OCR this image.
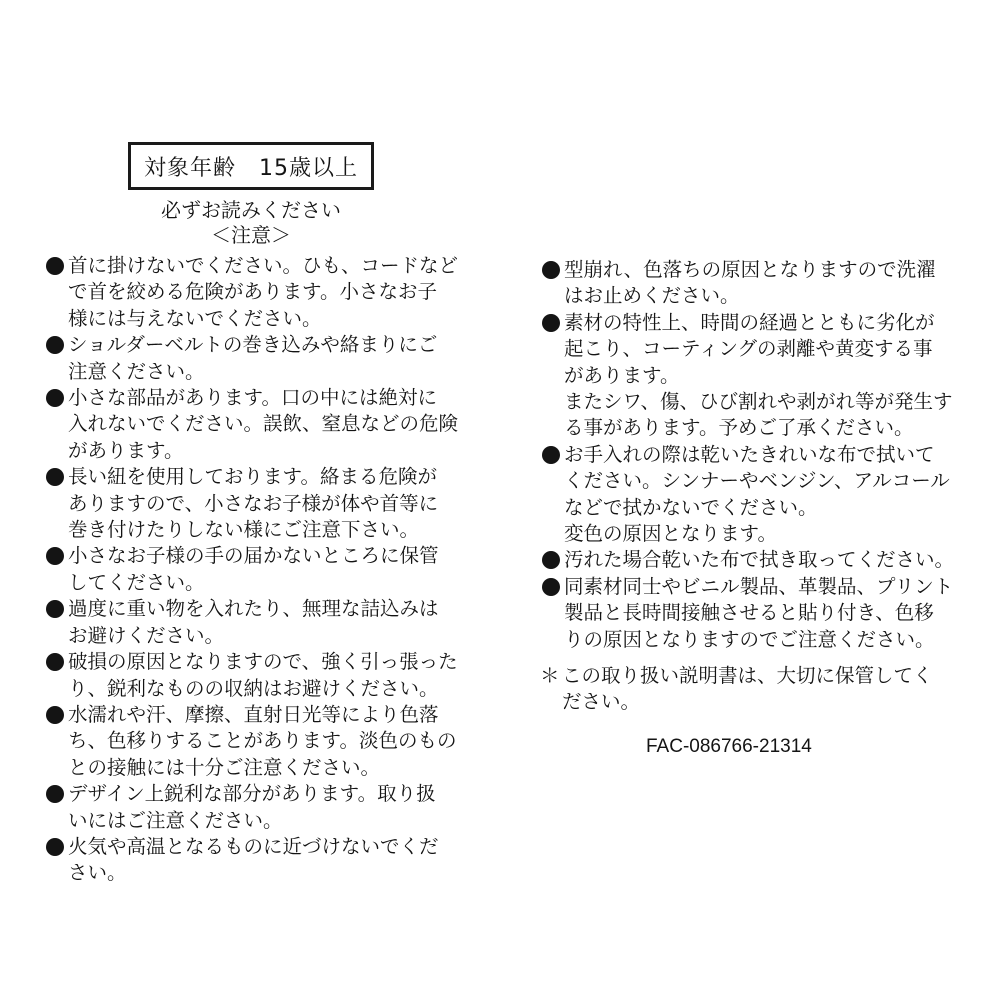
対象年齢　15歳以上
必ずお読みください
＜注意＞
首に掛けないでください。ひも、コードなど
で首を絞める危険があります。小さなお子
様には与えないでください。
ショルダーベルトの巻き込みや絡まりにご
注意ください。
小さな部品があります。口の中には絶対に
入れないでください。誤飲、窒息などの危険
があります。
長い紐を使用しております。絡まる危険が
ありますので、小さなお子様が体や首等に
巻き付けたりしない様にご注意下さい。
小さなお子様の手の届かないところに保管
してください。
過度に重い物を入れたり、無理な詰込みは
お避けください。
破損の原因となりますので、強く引っ張った
り、鋭利なものの収納はお避けください。
水濡れや汗、摩擦、直射日光等により色落
ち、色移りすることがあります。淡色のもの
との接触には十分ご注意ください。
デザイン上鋭利な部分があります。取り扱
いにはご注意ください。
火気や高温となるものに近づけないでくだ
さい。
型崩れ、色落ちの原因となりますので洗濯
はお止めください。
素材の特性上、時間の経過とともに劣化が
起こり、コーティングの剥離や黄変する事
があります。
またシワ、傷、ひび割れや剥がれ等が発生す
る事があります。予めご了承ください。
お手入れの際は乾いたきれいな布で拭いて
ください。シンナーやベンジン、アルコール
などで拭かないでください。
変色の原因となります。
汚れた場合乾いた布で拭き取ってください。
同素材同士やビニル製品、革製品、プリント
製品と長時間接触させると貼り付き、色移
りの原因となりますのでご注意ください。
＊ この取り扱い説明書は、大切に保管してく
ださい。
FAC-086766-21314
